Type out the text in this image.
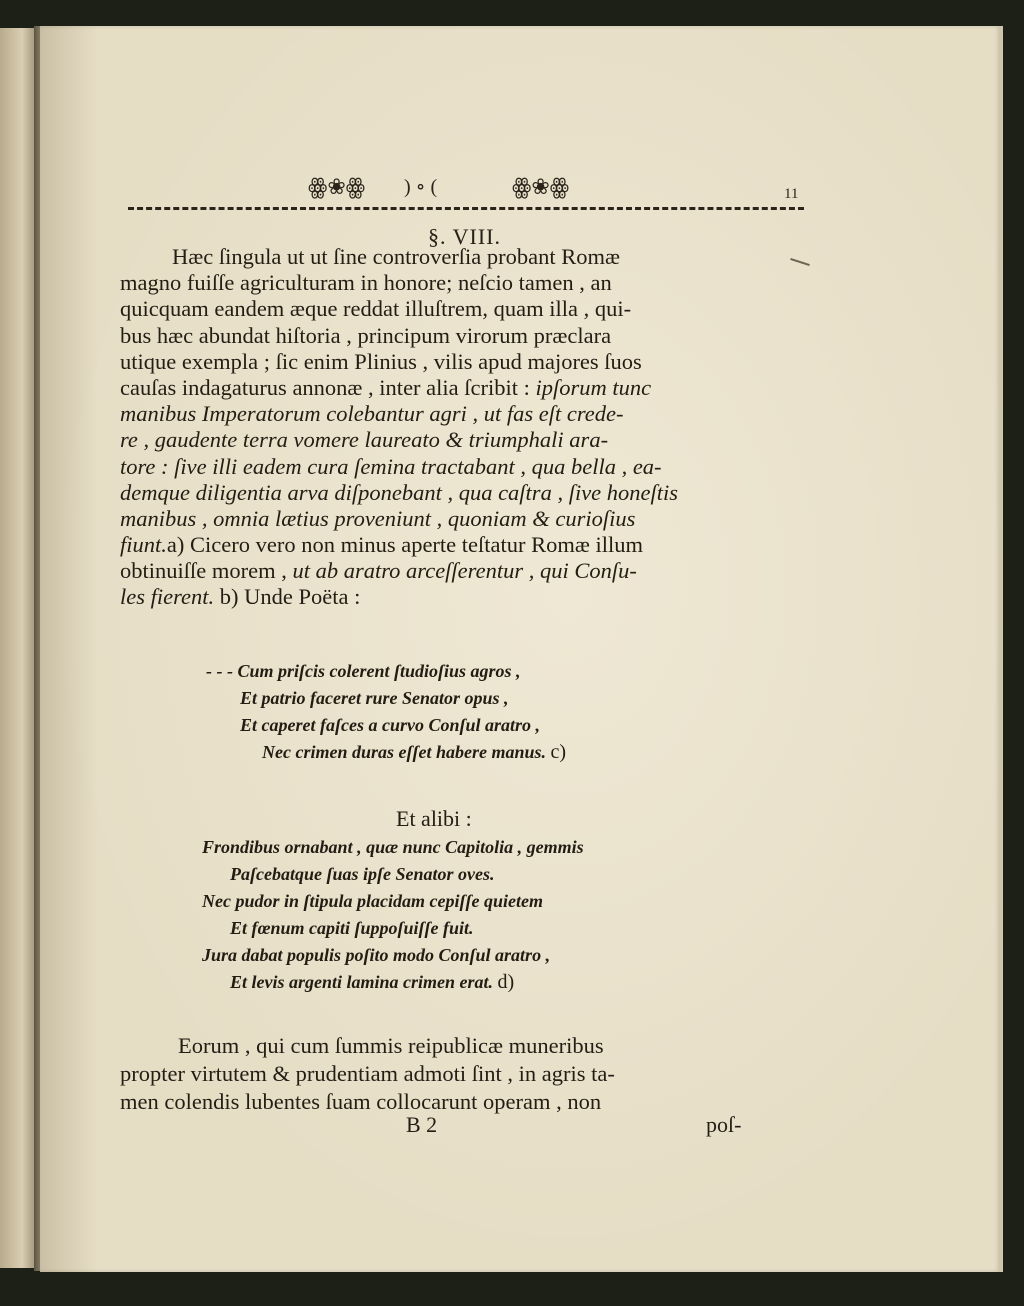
ꙮ❀ꙮ ) ∘ (	ꙮ❀ꙮ	11
§. VIII.
Hæc ſingula ut ut ſine controverſia probant Romæ
magno fuiſſe agriculturam in honore; neſcio tamen , an
quicquam eandem æque reddat illuſtrem, quam illa , qui-
bus hæc abundat hiſtoria , principum virorum præclara
utique exempla ; ſic enim Plinius , vilis apud majores ſuos
cauſas indagaturus annonæ , inter alia ſcribit : ipſorum tunc
manibus Imperatorum colebantur agri , ut fas eſt crede-
re , gaudente terra vomere laureato & triumphali ara-
tore : ſive illi eadem cura ſemina tractabant , qua bella , ea-
demque diligentia arva diſponebant , qua caſtra , ſive honeſtis
manibus , omnia lætius proveniunt , quoniam & curioſius
fiunt.a) Cicero vero non minus aperte teſtatur Romæ illum
obtinuiſſe morem , ut ab aratro arceſſerentur , qui Conſu-
les fierent. b) Unde Poëta :
- - - Cum priſcis colerent ſtudioſius agros ,
Et patrio faceret rure Senator opus ,
Et caperet faſces a curvo Conſul aratro ,
Nec crimen duras eſſet habere manus. c)
Et alibi :
Frondibus ornabant , quæ nunc Capitolia , gemmis
Paſcebatque ſuas ipſe Senator oves.
Nec pudor in ſtipula placidam cepiſſe quietem
Et fœnum capiti ſuppoſuiſſe fuit.
Jura dabat populis poſito modo Conſul aratro ,
Et levis argenti lamina crimen erat. d)
Eorum , qui cum ſummis reipublicæ muneribus
propter virtutem & prudentiam admoti ſint , in agris ta-
men colendis lubentes ſuam collocarunt operam , non
B 2	poſ-
